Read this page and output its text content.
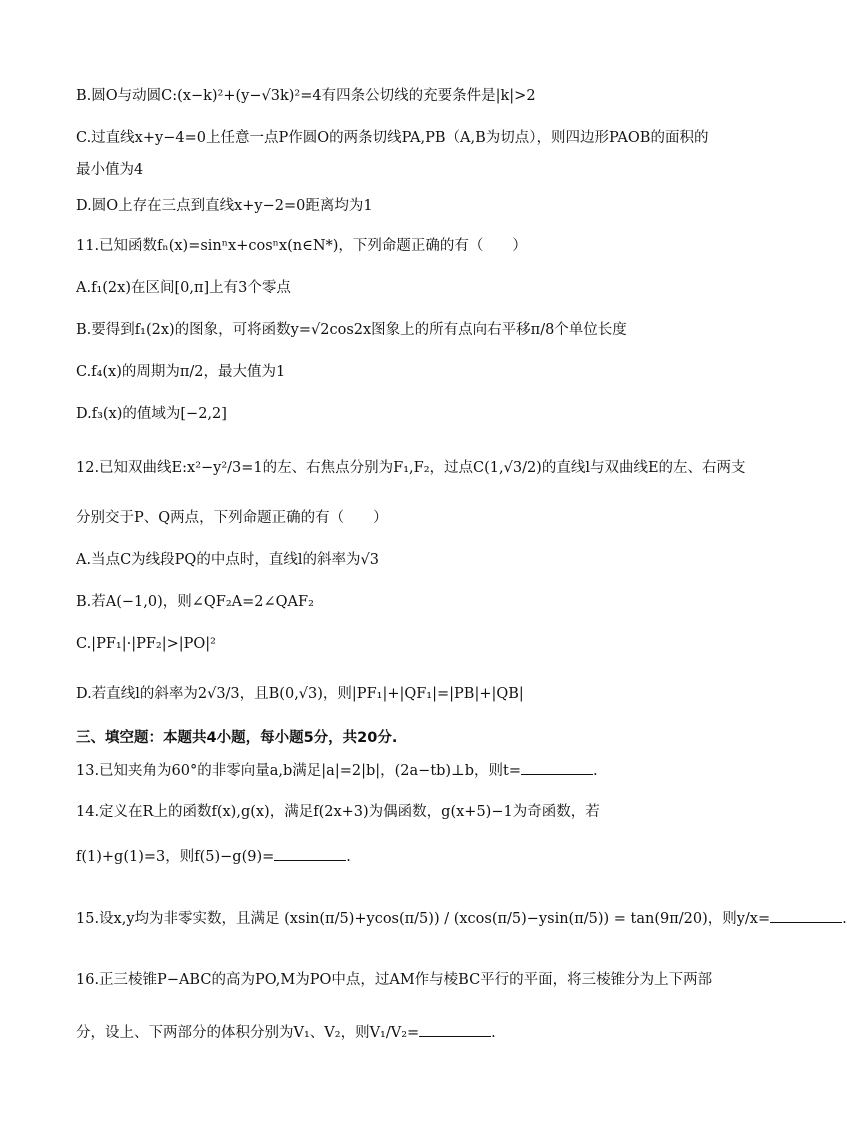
B.圆O与动圆C:(x−k)²+(y−√3k)²=4有四条公切线的充要条件是|k|>2
C.过直线x+y−4=0上任意一点P作圆O的两条切线PA,PB（A,B为切点），则四边形PAOB的面积的
最小值为4
D.圆O上存在三点到直线x+y−2=0距离均为1
11.已知函数fₙ(x)=sinⁿx+cosⁿx(n∈N*)，下列命题正确的有（　　）
A.f₁(2x)在区间[0,π]上有3个零点
B.要得到f₁(2x)的图象，可将函数y=√2cos2x图象上的所有点向右平移π/8个单位长度
C.f₄(x)的周期为π/2，最大值为1
D.f₃(x)的值域为[−2,2]
12.已知双曲线E:x²−y²/3=1的左、右焦点分别为F₁,F₂，过点C(1,√3/2)的直线l与双曲线E的左、右两支
分别交于P、Q两点，下列命题正确的有（　　）
A.当点C为线段PQ的中点时，直线l的斜率为√3
B.若A(−1,0)，则∠QF₂A=2∠QAF₂
C.|PF₁|·|PF₂|>|PO|²
D.若直线l的斜率为2√3/3，且B(0,√3)，则|PF₁|+|QF₁|=|PB|+|QB|
三、填空题：本题共4小题，每小题5分，共20分.
13.已知夹角为60°的非零向量a,b满足|a|=2|b|，(2a−tb)⊥b，则t=	.
14.定义在R上的函数f(x),g(x)，满足f(2x+3)为偶函数，g(x+5)−1为奇函数，若
f(1)+g(1)=3，则f(5)−g(9)=	.
15.设x,y均为非零实数，且满足 (xsin(π/5)+ycos(π/5)) / (xcos(π/5)−ysin(π/5)) = tan(9π/20)，则y/x=	.
16.正三棱锥P−ABC的高为PO,M为PO中点，过AM作与棱BC平行的平面，将三棱锥分为上下两部
分，设上、下两部分的体积分别为V₁、V₂，则V₁/V₂=	.
